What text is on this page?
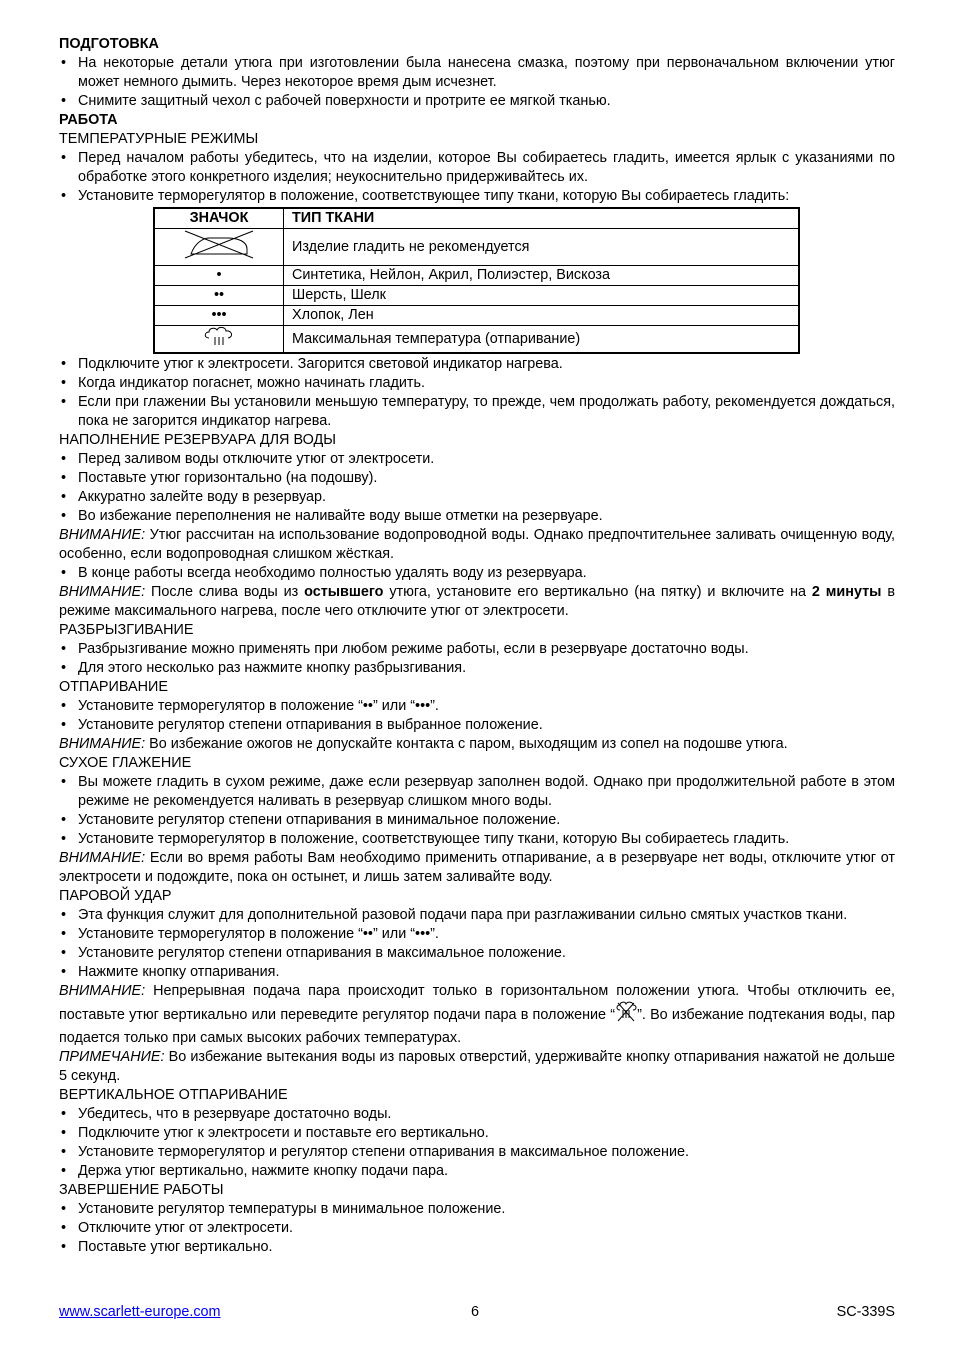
ПОДГОТОВКА
• На некоторые детали утюга при изготовлении была нанесена смазка, поэтому при первоначальном включении утюг может немного дымить. Через некоторое время дым исчезнет.
• Снимите защитный чехол с рабочей поверхности и протрите ее мягкой тканью.
РАБОТА
ТЕМПЕРАТУРНЫЕ РЕЖИМЫ
• Перед началом работы убедитесь, что на изделии, которое Вы собираетесь гладить, имеется ярлык с указаниями по обработке этого конкретного изделия; неукоснительно придерживайтесь их.
• Установите терморегулятор в положение, соответствующее типу ткани, которую Вы собираетесь гладить:
ЗНАЧОК	ТИП ТКАНИ
	Изделие гладить не рекомендуется
•	Синтетика, Нейлон, Акрил, Полиэстер, Вискоза
••	Шерсть, Шелк
•••	Хлопок, Лен
	Максимальная температура (отпаривание)
• Подключите утюг к электросети. Загорится световой индикатор нагрева.
• Когда индикатор погаснет, можно начинать гладить.
• Если при глажении Вы установили меньшую температуру, то прежде, чем продолжать работу, рекомендуется дождаться, пока не загорится индикатор нагрева.
НАПОЛНЕНИЕ РЕЗЕРВУАРА ДЛЯ ВОДЫ
• Перед заливом воды отключите утюг от электросети.
• Поставьте утюг горизонтально (на подошву).
• Аккуратно залейте воду в резервуар.
• Во избежание переполнения не наливайте воду выше отметки на резервуаре.

ВНИМАНИЕ: Утюг рассчитан на использование водопроводной воды. Однако предпочтительнее заливать очищенную воду, особенно, если водопроводная слишком жёсткая.

• В конце работы всегда необходимо полностью удалять воду из резервуара.

ВНИМАНИЕ: После слива воды из остывшего утюга, установите его вертикально (на пятку) и включите на 2 минуты в режиме максимального нагрева, после чего отключите утюг от электросети.

РАЗБРЫЗГИВАНИЕ
• Разбрызгивание можно применять при любом режиме работы, если в резервуаре достаточно воды.
• Для этого несколько раз нажмите кнопку разбрызгивания.
ОТПАРИВАНИЕ
• Установите терморегулятор в положение “••” или “•••”.
• Установите регулятор степени отпаривания в выбранное положение.

ВНИМАНИЕ: Во избежание ожогов не допускайте контакта с паром, выходящим из сопел на подошве утюга.

СУХОЕ ГЛАЖЕНИЕ
• Вы можете гладить в сухом режиме, даже если резервуар заполнен водой. Однако при продолжительной работе в этом режиме не рекомендуется наливать в резервуар слишком много воды.
• Установите регулятор степени отпаривания в минимальное положение.
• Установите терморегулятор в положение, соответствующее типу ткани, которую Вы собираетесь гладить.

ВНИМАНИЕ: Если во время работы Вам необходимо применить отпаривание, а в резервуаре нет воды, отключите утюг от электросети и подождите, пока он остынет, и лишь затем заливайте воду.

ПАРОВОЙ УДАР
• Эта функция служит для дополнительной разовой подачи пара при разглаживании сильно смятых участков ткани.
• Установите терморегулятор в положение “••” или “•••”.
• Установите регулятор степени отпаривания в максимальное положение.
• Нажмите кнопку отпаривания.

ВНИМАНИЕ: Непрерывная подача пара происходит только в горизонтальном положении утюга. Чтобы отключить ее, поставьте утюг вертикально или переведите регулятор подачи пара в положение “ ”. Во избежание подтекания воды, пар подается только при самых высоких рабочих температурах.

ПРИМЕЧАНИЕ: Во избежание вытекания воды из паровых отверстий, удерживайте кнопку отпаривания нажатой не дольше 5 секунд.

ВЕРТИКАЛЬНОЕ ОТПАРИВАНИЕ
• Убедитесь, что в резервуаре достаточно воды.
• Подключите утюг к электросети и поставьте его вертикально.
• Установите терморегулятор и регулятор степени отпаривания в максимальное положение.
• Держа утюг вертикально, нажмите кнопку подачи пара.
ЗАВЕРШЕНИЕ РАБОТЫ
• Установите регулятор температуры в минимальное положение.
• Отключите утюг от электросети.
• Поставьте утюг вертикально.
www.scarlett-europe.com	6	SC-339S
